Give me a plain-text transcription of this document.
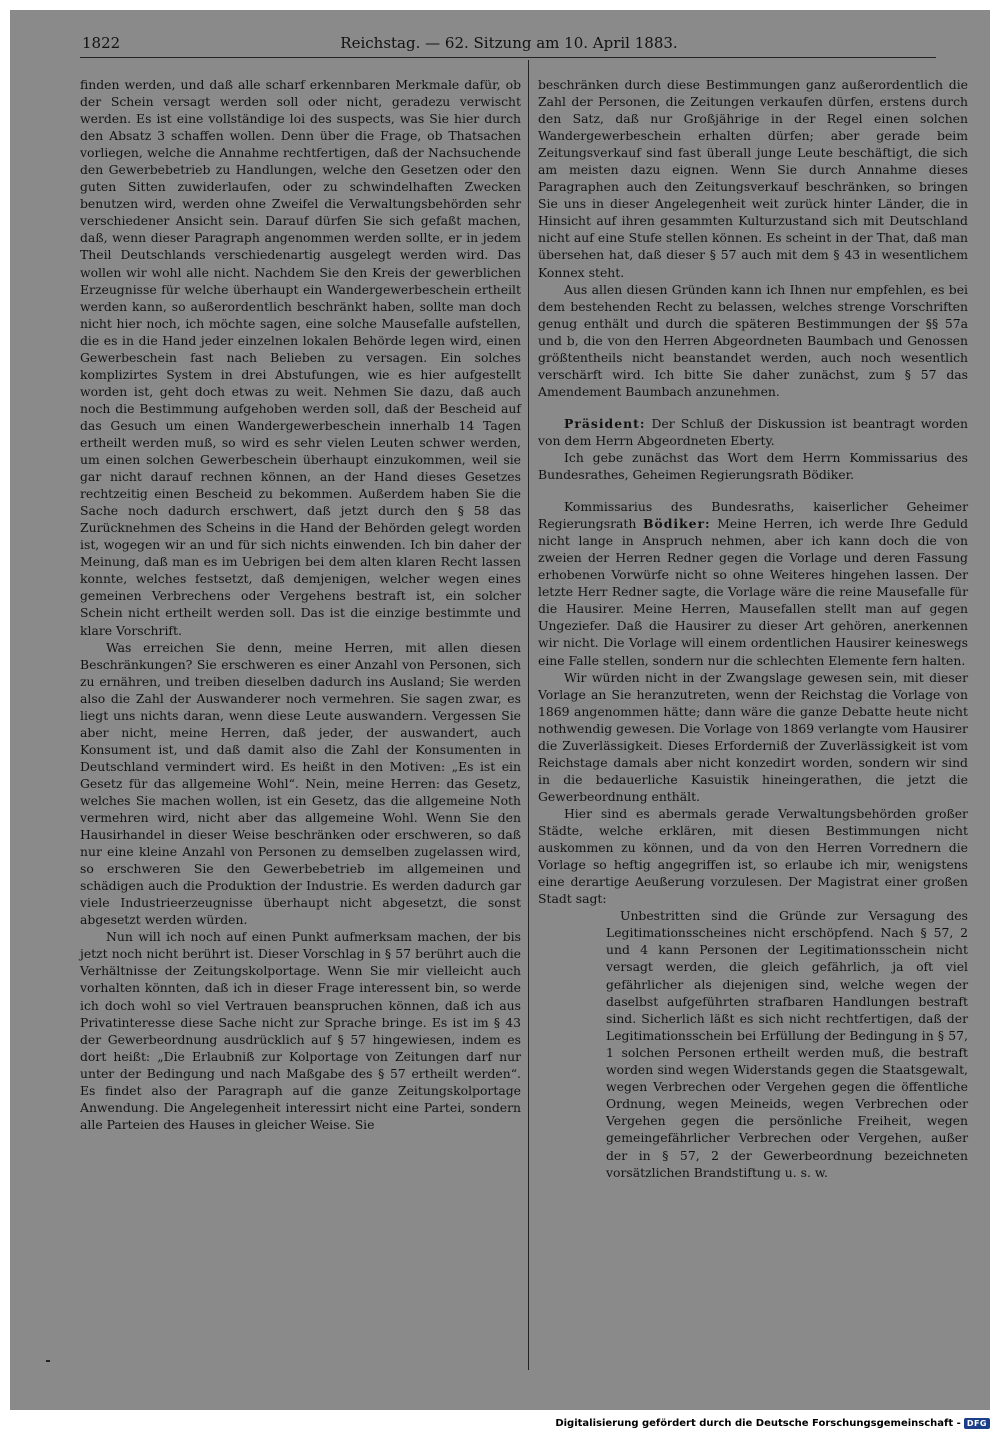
1822	Reichstag. — 62. Sitzung am 10. April 1883.

finden werden, und daß alle scharf erkennbaren Merkmale dafür, ob der Schein versagt werden soll oder nicht, geradezu verwischt werden. Es ist eine vollständige loi des suspects, was Sie hier durch den Absatz 3 schaffen wollen. Denn über die Frage, ob Thatsachen vorliegen, welche die Annahme rechtfertigen, daß der Nachsuchende den Gewerbebetrieb zu Handlungen, welche den Gesetzen oder den guten Sitten zuwiderlaufen, oder zu schwindelhaften Zwecken benutzen wird, werden ohne Zweifel die Verwaltungsbehörden sehr verschiedener Ansicht sein. Darauf dürfen Sie sich gefaßt machen, daß, wenn dieser Paragraph angenommen werden sollte, er in jedem Theil Deutschlands verschiedenartig ausgelegt werden wird. Das wollen wir wohl alle nicht. Nachdem Sie den Kreis der gewerblichen Erzeugnisse für welche überhaupt ein Wandergewerbeschein ertheilt werden kann, so außerordentlich beschränkt haben, sollte man doch nicht hier noch, ich möchte sagen, eine solche Mausefalle aufstellen, die es in die Hand jeder einzelnen lokalen Behörde legen wird, einen Gewerbeschein fast nach Belieben zu versagen. Ein solches komplizirtes System in drei Abstufungen, wie es hier aufgestellt worden ist, geht doch etwas zu weit. Nehmen Sie dazu, daß auch noch die Bestimmung aufgehoben werden soll, daß der Bescheid auf das Gesuch um einen Wandergewerbeschein innerhalb 14 Tagen ertheilt werden muß, so wird es sehr vielen Leuten schwer werden, um einen solchen Gewerbeschein überhaupt einzukommen, weil sie gar nicht darauf rechnen können, an der Hand dieses Gesetzes rechtzeitig einen Bescheid zu bekommen. Außerdem haben Sie die Sache noch dadurch erschwert, daß jetzt durch den § 58 das Zurücknehmen des Scheins in die Hand der Behörden gelegt worden ist, wogegen wir an und für sich nichts einwenden. Ich bin daher der Meinung, daß man es im Uebrigen bei dem alten klaren Recht lassen konnte, welches festsetzt, daß demjenigen, welcher wegen eines gemeinen Verbrechens oder Vergehens bestraft ist, ein solcher Schein nicht ertheilt werden soll. Das ist die einzige bestimmte und klare Vorschrift.

Was erreichen Sie denn, meine Herren, mit allen diesen Beschränkungen? Sie erschweren es einer Anzahl von Personen, sich zu ernähren, und treiben dieselben dadurch ins Ausland; Sie werden also die Zahl der Auswanderer noch vermehren. Sie sagen zwar, es liegt uns nichts daran, wenn diese Leute auswandern. Vergessen Sie aber nicht, meine Herren, daß jeder, der auswandert, auch Konsument ist, und daß damit also die Zahl der Konsumenten in Deutschland vermindert wird. Es heißt in den Motiven: „Es ist ein Gesetz für das allgemeine Wohl“. Nein, meine Herren: das Gesetz, welches Sie machen wollen, ist ein Gesetz, das die allgemeine Noth vermehren wird, nicht aber das allgemeine Wohl. Wenn Sie den Hausirhandel in dieser Weise beschränken oder erschweren, so daß nur eine kleine Anzahl von Personen zu demselben zugelassen wird, so erschweren Sie den Gewerbebetrieb im allgemeinen und schädigen auch die Produktion der Industrie. Es werden dadurch gar viele Industrieerzeugnisse überhaupt nicht abgesetzt, die sonst abgesetzt werden würden.

Nun will ich noch auf einen Punkt aufmerksam machen, der bis jetzt noch nicht berührt ist. Dieser Vorschlag in § 57 berührt auch die Verhältnisse der Zeitungskolportage. Wenn Sie mir vielleicht auch vorhalten könnten, daß ich in dieser Frage interessent bin, so werde ich doch wohl so viel Vertrauen beanspruchen können, daß ich aus Privatinteresse diese Sache nicht zur Sprache bringe. Es ist im § 43 der Gewerbeordnung ausdrücklich auf § 57 hingewiesen, indem es dort heißt: „Die Erlaubniß zur Kolportage von Zeitungen darf nur unter der Bedingung und nach Maßgabe des § 57 ertheilt werden“. Es findet also der Paragraph auf die ganze Zeitungskolportage Anwendung. Die Angelegenheit interessirt nicht eine Partei, sondern alle Parteien des Hauses in gleicher Weise. Sie

beschränken durch diese Bestimmungen ganz außerordentlich die Zahl der Personen, die Zeitungen verkaufen dürfen, erstens durch den Satz, daß nur Großjährige in der Regel einen solchen Wandergewerbeschein erhalten dürfen; aber gerade beim Zeitungsverkauf sind fast überall junge Leute beschäftigt, die sich am meisten dazu eignen. Wenn Sie durch Annahme dieses Paragraphen auch den Zeitungsverkauf beschränken, so bringen Sie uns in dieser Angelegenheit weit zurück hinter Länder, die in Hinsicht auf ihren gesammten Kulturzustand sich mit Deutschland nicht auf eine Stufe stellen können. Es scheint in der That, daß man übersehen hat, daß dieser § 57 auch mit dem § 43 in wesentlichem Konnex steht.

Aus allen diesen Gründen kann ich Ihnen nur empfehlen, es bei dem bestehenden Recht zu belassen, welches strenge Vorschriften genug enthält und durch die späteren Bestimmungen der §§ 57a und b, die von den Herren Abgeordneten Baumbach und Genossen größtentheils nicht beanstandet werden, auch noch wesentlich verschärft wird. Ich bitte Sie daher zunächst, zum § 57 das Amendement Baumbach anzunehmen.

Präsident: Der Schluß der Diskussion ist beantragt worden von dem Herrn Abgeordneten Eberty.

Ich gebe zunächst das Wort dem Herrn Kommissarius des Bundesrathes, Geheimen Regierungsrath Bödiker.

Kommissarius des Bundesraths, kaiserlicher Geheimer Regierungsrath Bödiker: Meine Herren, ich werde Ihre Geduld nicht lange in Anspruch nehmen, aber ich kann doch die von zweien der Herren Redner gegen die Vorlage und deren Fassung erhobenen Vorwürfe nicht so ohne Weiteres hingehen lassen. Der letzte Herr Redner sagte, die Vorlage wäre die reine Mausefalle für die Hausirer. Meine Herren, Mausefallen stellt man auf gegen Ungeziefer. Daß die Hausirer zu dieser Art gehören, anerkennen wir nicht. Die Vorlage will einem ordentlichen Hausirer keineswegs eine Falle stellen, sondern nur die schlechten Elemente fern halten.

Wir würden nicht in der Zwangslage gewesen sein, mit dieser Vorlage an Sie heranzutreten, wenn der Reichstag die Vorlage von 1869 angenommen hätte; dann wäre die ganze Debatte heute nicht nothwendig gewesen. Die Vorlage von 1869 verlangte vom Hausirer die Zuverlässigkeit. Dieses Erforderniß der Zuverlässigkeit ist vom Reichstage damals aber nicht konzedirt worden, sondern wir sind in die bedauerliche Kasuistik hineingerathen, die jetzt die Gewerbeordnung enthält.

Hier sind es abermals gerade Verwaltungsbehörden großer Städte, welche erklären, mit diesen Bestimmungen nicht auskommen zu können, und da von den Herren Vorrednern die Vorlage so heftig angegriffen ist, so erlaube ich mir, wenigstens eine derartige Aeußerung vorzulesen. Der Magistrat einer großen Stadt sagt:

Unbestritten sind die Gründe zur Versagung des Legitimationsscheines nicht erschöpfend. Nach § 57, 2 und 4 kann Personen der Legitimationsschein nicht versagt werden, die gleich gefährlich, ja oft viel gefährlicher als diejenigen sind, welche wegen der daselbst aufgeführten strafbaren Handlungen bestraft sind. Sicherlich läßt es sich nicht rechtfertigen, daß der Legitimationsschein bei Erfüllung der Bedingung in § 57, 1 solchen Personen ertheilt werden muß, die bestraft worden sind wegen Widerstands gegen die Staatsgewalt, wegen Verbrechen oder Vergehen gegen die öffentliche Ordnung, wegen Meineids, wegen Verbrechen oder Vergehen gegen die persönliche Freiheit, wegen gemeingefährlicher Verbrechen oder Vergehen, außer der in § 57, 2 der Gewerbeordnung bezeichneten vorsätzlichen Brandstiftung u. s. w.

Digitalisierung gefördert durch die Deutsche Forschungsgemeinschaft - DFG
